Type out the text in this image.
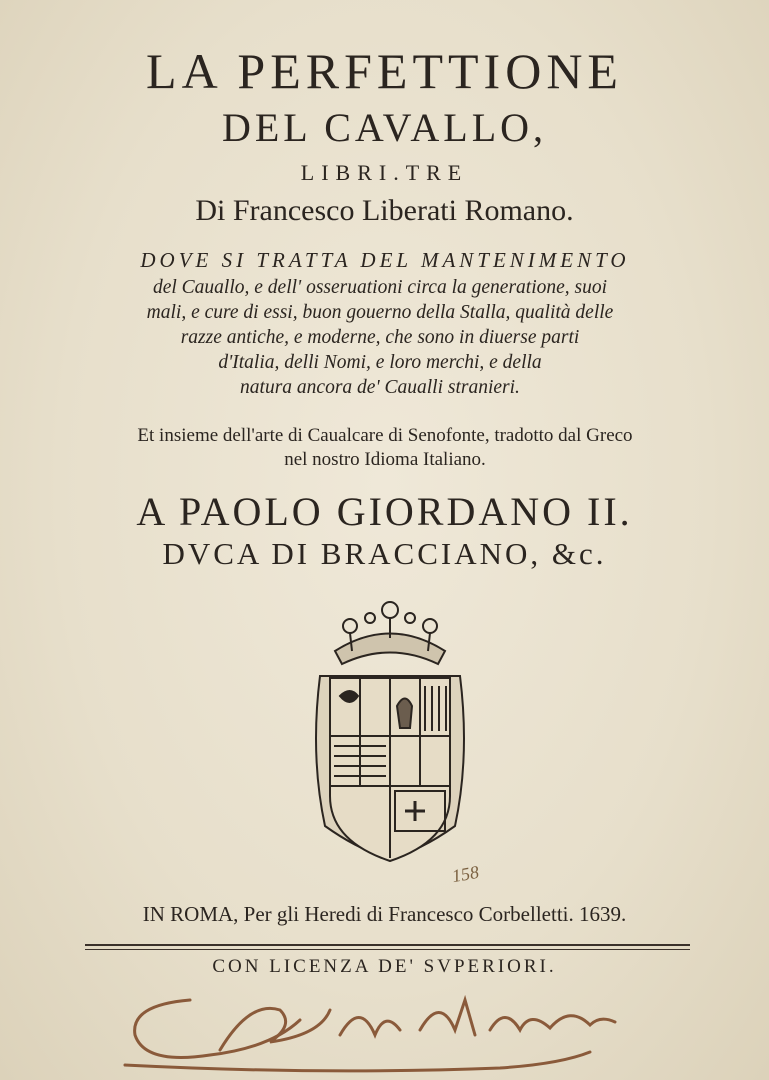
LA PERFETTIONE
DEL CAVALLO,
LIBRI.TRE
Di Francesco Liberati Romano.
DOVE SI TRATTA DEL MANTENIMENTO
del Cauallo, e dell' osseruationi circa la generatione, suoi
mali, e cure di essi, buon gouerno della Stalla, qualità delle
razze antiche, e moderne, che sono in diuerse parti
d'Italia, delli Nomi, e loro merchi, e della
natura ancora de' Caualli stranieri.
Et insieme dell'arte di Caualcare di Senofonte, tradotto dal Greco
nel nostro Idioma Italiano.
A PAOLO GIORDANO II.
DVCA DI BRACCIANO, &c.
158
IN ROMA, Per gli Heredi di Francesco Corbelletti. 1639.
CON LICENZA DE' SVPERIORI.
